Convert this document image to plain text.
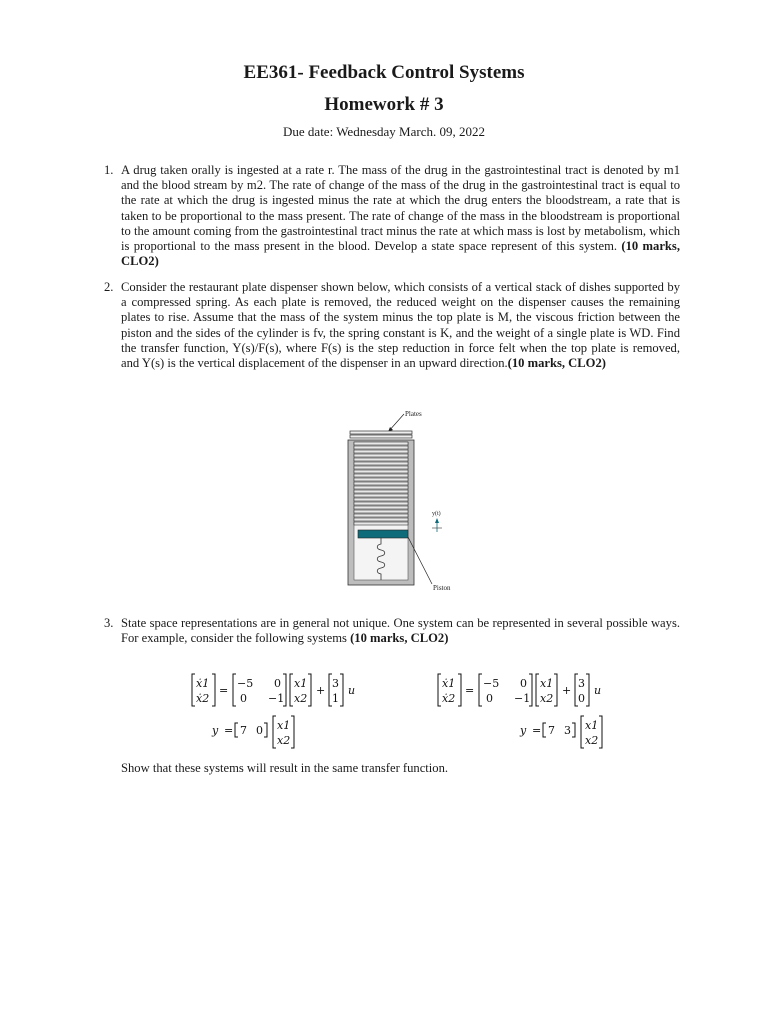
EE361- Feedback Control Systems
Homework # 3
Due date: Wednesday March. 09, 2022
1. A drug taken orally is ingested at a rate r. The mass of the drug in the gastrointestinal tract is denoted by m1 and the blood stream by m2. The rate of change of the mass of the drug in the gastrointestinal tract is equal to the rate at which the drug is ingested minus the rate at which the drug enters the bloodstream, a rate that is taken to be proportional to the mass present. The rate of change of the mass in the bloodstream is proportional to the amount coming from the gastrointestinal tract minus the rate at which mass is lost by metabolism, which is proportional to the mass present in the blood. Develop a state space represent of this system. (10 marks, CLO2)
2. Consider the restaurant plate dispenser shown below, which consists of a vertical stack of dishes supported by a compressed spring. As each plate is removed, the reduced weight on the dispenser causes the remaining plates to rise. Assume that the mass of the system minus the top plate is M, the viscous friction between the piston and the sides of the cylinder is fv, the spring constant is K, and the weight of a single plate is WD. Find the transfer function, Y(s)/F(s), where F(s) is the step reduction in force felt when the top plate is removed, and Y(s) is the vertical displacement of the dispenser in an upward direction.(10 marks, CLO2)
Plates
y(t)
Piston
3. State space representations are in general not unique. One system can be represented in several possible ways. For example, consider the following systems (10 marks, CLO2)
ẋ1
ẋ2
=
−5 0
0 −1
x1
x2
+
3
1
u
y = 7 0 x1
x2
ẋ1
ẋ2
=
−5 0
0 −1
x1
x2
+
3
0
u
y = 7 3 x1
x2
Show that these systems will result in the same transfer function.
